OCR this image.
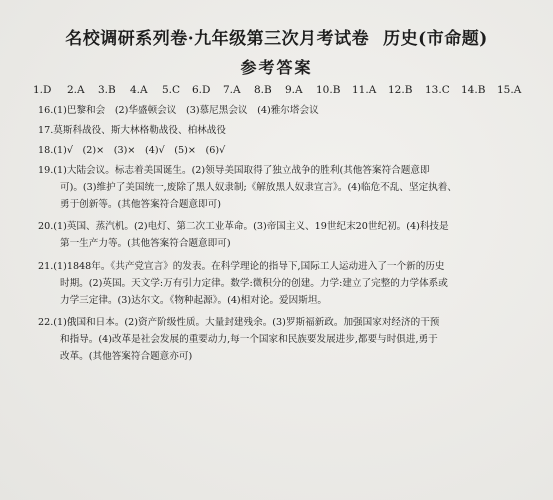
名校调研系列卷·九年级第三次月考试卷 历史(市命题)
参考答案
1.D 2.A 3.B 4.A 5.C 6.D 7.A 8.B 9.A 10.B 11.A 12.B 13.C 14.B 15.A
16.(1)巴黎和会　(2)华盛顿会议　(3)慕尼黑会议　(4)雅尔塔会议
17.莫斯科战役、斯大林格勒战役、柏林战役
18.(1)√　(2)×　(3)×　(4)√　(5)×　(6)√
19.(1)大陆会议。标志着美国诞生。(2)领导美国取得了独立战争的胜利(其他答案符合题意即
可)。(3)维护了美国统一,废除了黑人奴隶制;《解放黑人奴隶宣言》。(4)临危不乱、坚定执着、
勇于创新等。(其他答案符合题意即可)
20.(1)英国、蒸汽机。(2)电灯、第二次工业革命。(3)帝国主义、19世纪末20世纪初。(4)科技是
第一生产力等。(其他答案符合题意即可)
21.(1)1848年。《共产党宣言》的发表。在科学理论的指导下,国际工人运动进入了一个新的历史
时期。(2)英国。天文学:万有引力定律。数学:微积分的创建。力学:建立了完整的力学体系或
力学三定律。(3)达尔文。《物种起源》。(4)相对论。爱因斯坦。
22.(1)俄国和日本。(2)资产阶级性质。大量封建残余。(3)罗斯福新政。加强国家对经济的干预
和指导。(4)改革是社会发展的重要动力,每一个国家和民族要发展进步,都要与时俱进,勇于
改革。(其他答案符合题意亦可)
